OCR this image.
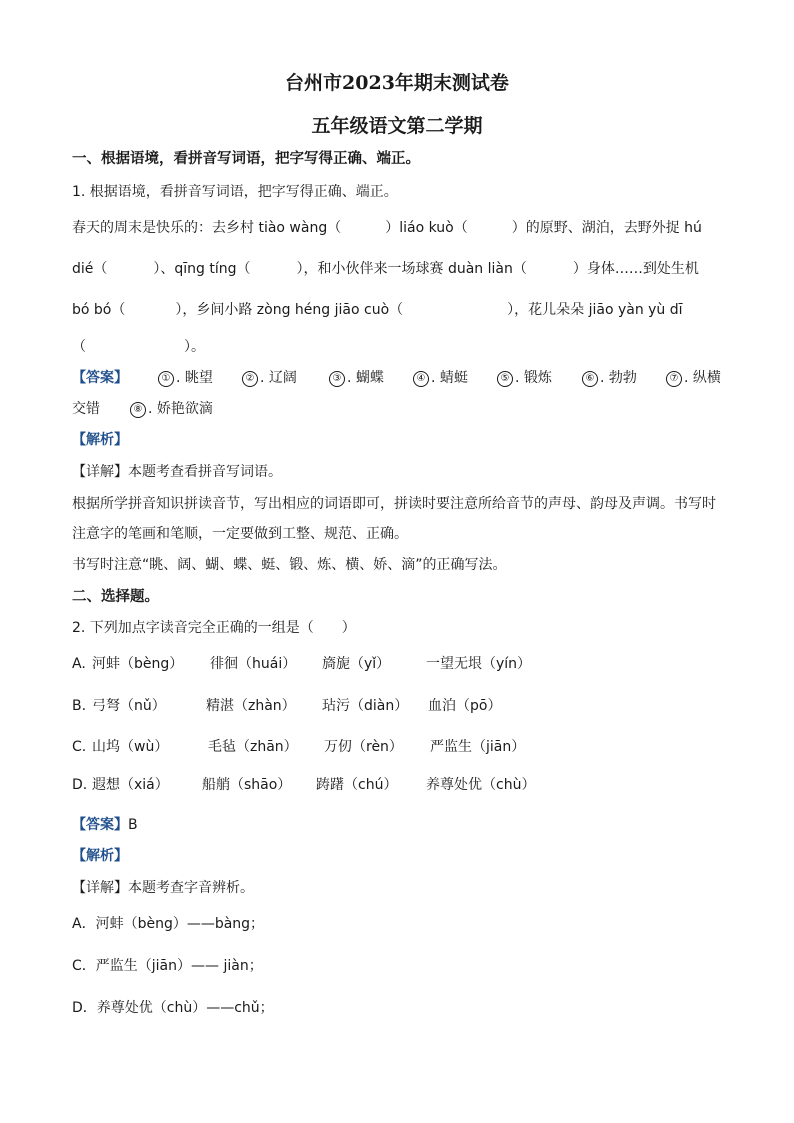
台州市2023年期末测试卷
五年级语文第二学期
一、根据语境，看拼音写词语，把字写得正确、端正。
1. 根据语境，看拼音写词语，把字写得正确、端正。
春天的周末是快乐的：去乡村 tiào wàng（	）liáo kuò（	）的原野、湖泊，去野外捉 hú
dié（	）、qīng tíng（	），和小伙伴来一场球赛 duàn liàn（	）身体……到处生机
bó bó（	），乡间小路 zòng héng jiāo cuò（	），花儿朵朵 jiāo yàn yù dī
（	）。
【答案】	① . 眺望	② . 辽阔	③ . 蝴蝶	④ . 蜻蜓	⑤ . 锻炼	⑥ . 勃勃	⑦ . 纵横
交错	⑧ . 娇艳欲滴
【解析】
【详解】本题考查看拼音写词语。
根据所学拼音知识拼读音节，写出相应的词语即可，拼读时要注意所给音节的声母、韵母及声调。书写时
注意字的笔画和笔顺，一定要做到工整、规范、正确。
书写时注意“眺、阔、蝴、蝶、蜓、锻、炼、横、娇、滴”的正确写法。
二、选择题。
2. 下列加点字读音完全正确的一组是（　　）
A. 河蚌（bèng） 徘徊（huái） 旖旎（yǐ）	一望无垠（yín）
B. 弓弩（nǔ）	精湛（zhàn） 玷污（diàn） 血泊（pō）
C. 山坞（wù）	毛毡（zhān） 万仞（rèn） 严监生（jiān）
D. 遐想（xiá） 船艄（shāo） 踌躇（chú） 养尊处优（chù）
【答案】B
【解析】
【详解】本题考查字音辨析。
A．河蚌（bèng）——bàng；
C．严监生（jiān）—— jiàn；
D．养尊处优（chù）——chǔ；
